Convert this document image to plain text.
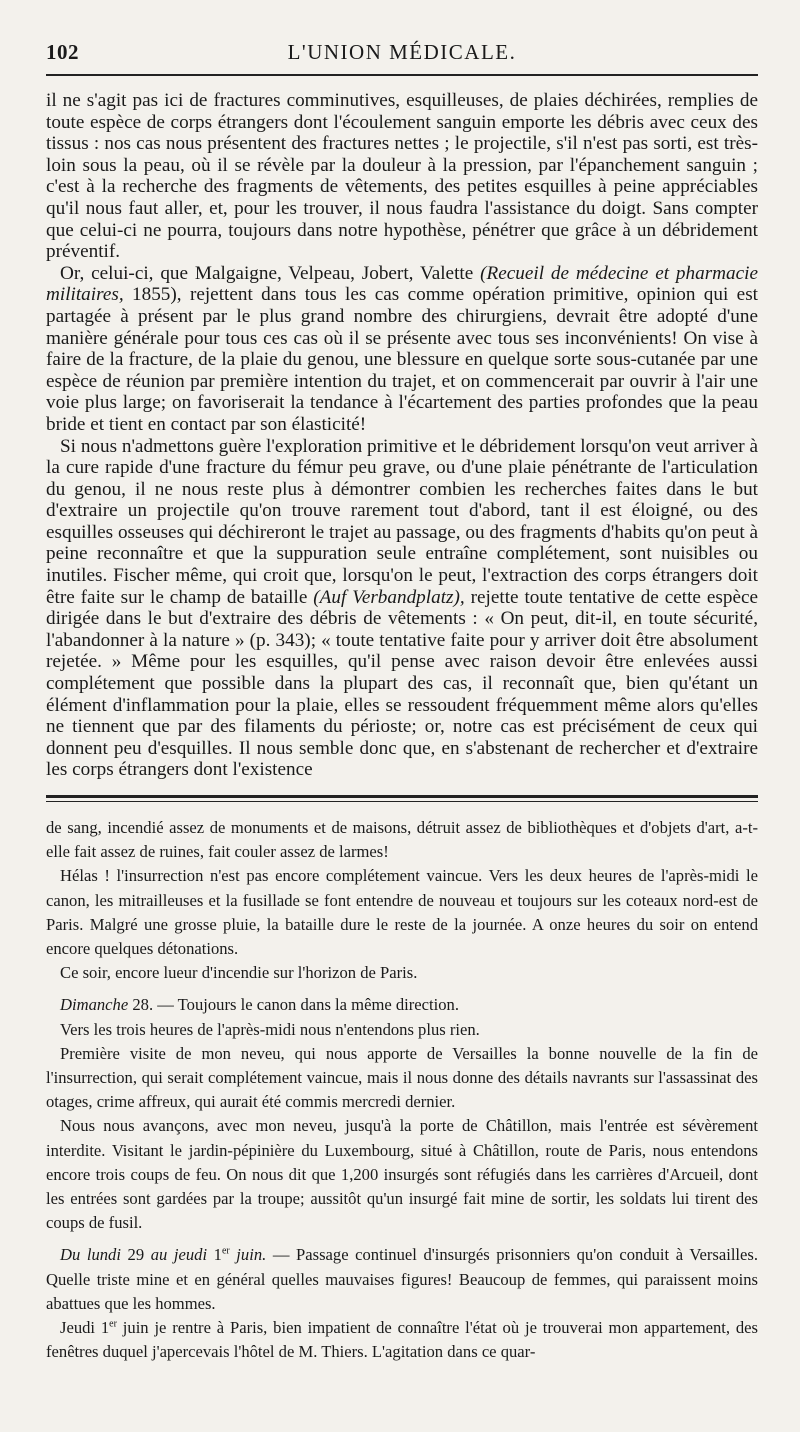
102	L'UNION MÉDICALE.

il ne s'agit pas ici de fractures comminutives, esquilleuses, de plaies déchirées, remplies de toute espèce de corps étrangers dont l'écoulement sanguin emporte les débris avec ceux des tissus : nos cas nous présentent des fractures nettes ; le projectile, s'il n'est pas sorti, est très-loin sous la peau, où il se révèle par la douleur à la pression, par l'épanchement sanguin ; c'est à la recherche des fragments de vêtements, des petites esquilles à peine appréciables qu'il nous faut aller, et, pour les trouver, il nous faudra l'assistance du doigt. Sans compter que celui-ci ne pourra, toujours dans notre hypothèse, pénétrer que grâce à un débridement préventif.

Or, celui-ci, que Malgaigne, Velpeau, Jobert, Valette (Recueil de médecine et pharmacie militaires, 1855), rejettent dans tous les cas comme opération primitive, opinion qui est partagée à présent par le plus grand nombre des chirurgiens, devrait être adopté d'une manière générale pour tous ces cas où il se présente avec tous ses inconvénients! On vise à faire de la fracture, de la plaie du genou, une blessure en quelque sorte sous-cutanée par une espèce de réunion par première intention du trajet, et on commencerait par ouvrir à l'air une voie plus large; on favoriserait la tendance à l'écartement des parties profondes que la peau bride et tient en contact par son élasticité!

Si nous n'admettons guère l'exploration primitive et le débridement lorsqu'on veut arriver à la cure rapide d'une fracture du fémur peu grave, ou d'une plaie pénétrante de l'articulation du genou, il ne nous reste plus à démontrer combien les recherches faites dans le but d'extraire un projectile qu'on trouve rarement tout d'abord, tant il est éloigné, ou des esquilles osseuses qui déchireront le trajet au passage, ou des fragments d'habits qu'on peut à peine reconnaître et que la suppuration seule entraîne complétement, sont nuisibles ou inutiles. Fischer même, qui croit que, lorsqu'on le peut, l'extraction des corps étrangers doit être faite sur le champ de bataille (Auf Verbandplatz), rejette toute tentative de cette espèce dirigée dans le but d'extraire des débris de vêtements : « On peut, dit-il, en toute sécurité, l'abandonner à la nature » (p. 343); « toute tentative faite pour y arriver doit être absolument rejetée. » Même pour les esquilles, qu'il pense avec raison devoir être enlevées aussi complétement que possible dans la plupart des cas, il reconnaît que, bien qu'étant un élément d'inflammation pour la plaie, elles se ressoudent fréquemment même alors qu'elles ne tiennent que par des filaments du périoste; or, notre cas est précisément de ceux qui donnent peu d'esquilles. Il nous semble donc que, en s'abstenant de rechercher et d'extraire les corps étrangers dont l'existence

de sang, incendié assez de monuments et de maisons, détruit assez de bibliothèques et d'objets d'art, a-t-elle fait assez de ruines, fait couler assez de larmes!

Hélas ! l'insurrection n'est pas encore complétement vaincue. Vers les deux heures de l'après-midi le canon, les mitrailleuses et la fusillade se font entendre de nouveau et toujours sur les coteaux nord-est de Paris. Malgré une grosse pluie, la bataille dure le reste de la journée. A onze heures du soir on entend encore quelques détonations.

Ce soir, encore lueur d'incendie sur l'horizon de Paris.

Dimanche 28. — Toujours le canon dans la même direction.

Vers les trois heures de l'après-midi nous n'entendons plus rien.

Première visite de mon neveu, qui nous apporte de Versailles la bonne nouvelle de la fin de l'insurrection, qui serait complétement vaincue, mais il nous donne des détails navrants sur l'assassinat des otages, crime affreux, qui aurait été commis mercredi dernier.

Nous nous avançons, avec mon neveu, jusqu'à la porte de Châtillon, mais l'entrée est sévèrement interdite. Visitant le jardin-pépinière du Luxembourg, situé à Châtillon, route de Paris, nous entendons encore trois coups de feu. On nous dit que 1,200 insurgés sont réfugiés dans les carrières d'Arcueil, dont les entrées sont gardées par la troupe; aussitôt qu'un insurgé fait mine de sortir, les soldats lui tirent des coups de fusil.

Du lundi 29 au jeudi 1er juin. — Passage continuel d'insurgés prisonniers qu'on conduit à Versailles. Quelle triste mine et en général quelles mauvaises figures! Beaucoup de femmes, qui paraissent moins abattues que les hommes.

Jeudi 1er juin je rentre à Paris, bien impatient de connaître l'état où je trouverai mon appartement, des fenêtres duquel j'apercevais l'hôtel de M. Thiers. L'agitation dans ce quar-
